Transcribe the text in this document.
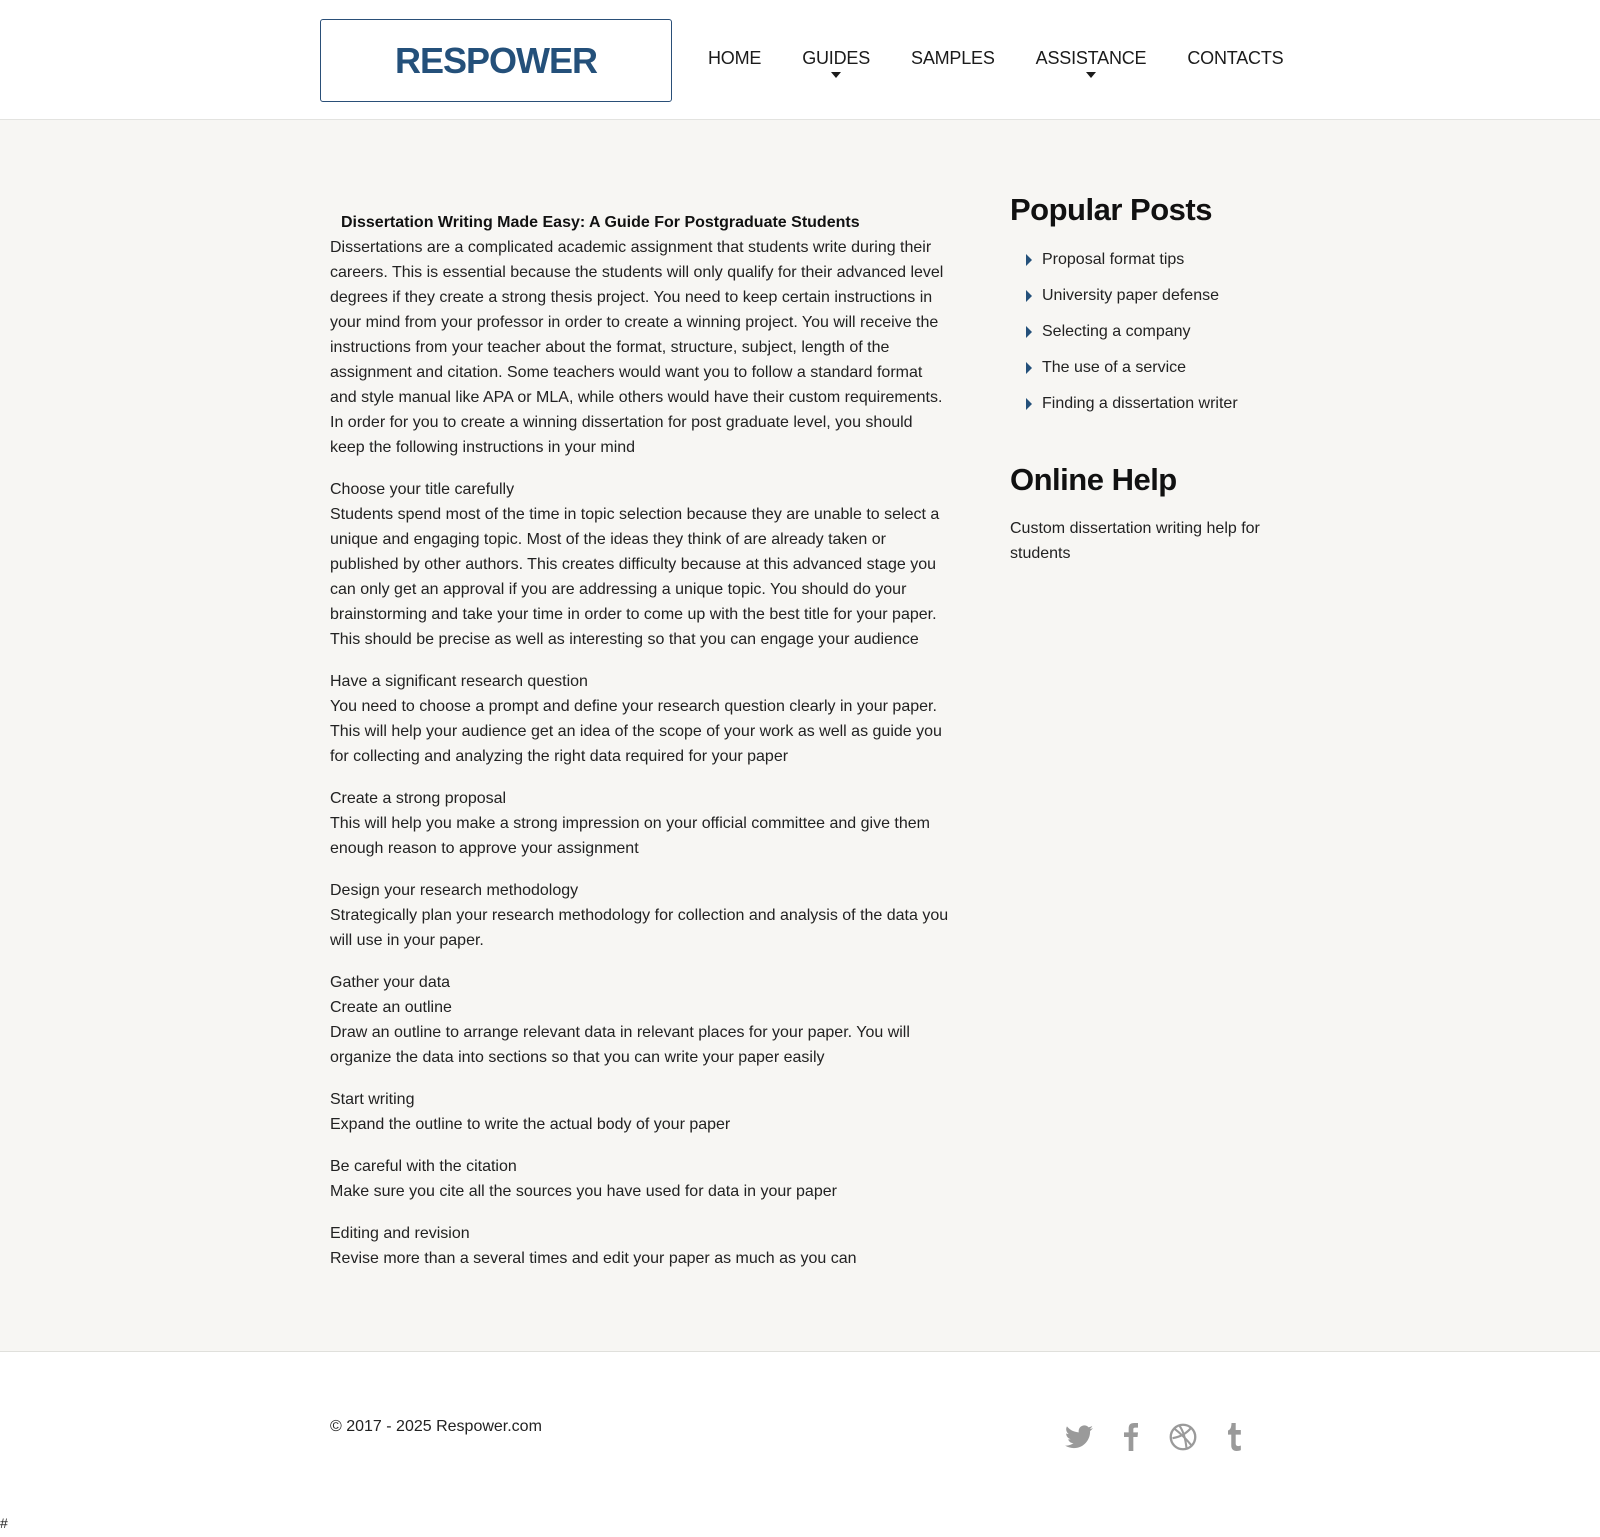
RESPOWER	HOME GUIDES SAMPLES ASSISTANCE CONTACTS
Dissertation Writing Made Easy: A Guide For Postgraduate Students
Dissertations are a complicated academic assignment that students write during their careers. This is essential because the students will only qualify for their advanced level degrees if they create a strong thesis project. You need to keep certain instructions in your mind from your professor in order to create a winning project. You will receive the instructions from your teacher about the format, structure, subject, length of the assignment and citation. Some teachers would want you to follow a standard format and style manual like APA or MLA, while others would have their custom requirements. In order for you to create a winning dissertation for post graduate level, you should keep the following instructions in your mind
Choose your title carefully
Students spend most of the time in topic selection because they are unable to select a unique and engaging topic. Most of the ideas they think of are already taken or published by other authors. This creates difficulty because at this advanced stage you can only get an approval if you are addressing a unique topic. You should do your brainstorming and take your time in order to come up with the best title for your paper. This should be precise as well as interesting so that you can engage your audience
Have a significant research question
You need to choose a prompt and define your research question clearly in your paper. This will help your audience get an idea of the scope of your work as well as guide you for collecting and analyzing the right data required for your paper
Create a strong proposal
This will help you make a strong impression on your official committee and give them enough reason to approve your assignment
Design your research methodology
Strategically plan your research methodology for collection and analysis of the data you will use in your paper.
Gather your data
Create an outline
Draw an outline to arrange relevant data in relevant places for your paper. You will organize the data into sections so that you can write your paper easily
Start writing
Expand the outline to write the actual body of your paper
Be careful with the citation
Make sure you cite all the sources you have used for data in your paper
Editing and revision
Revise more than a several times and edit your paper as much as you can
Popular Posts
Proposal format tips
University paper defense
Selecting a company
The use of a service
Finding a dissertation writer
Online Help
Custom dissertation writing help for students
© 2017 - 2025 Respower.com
#
